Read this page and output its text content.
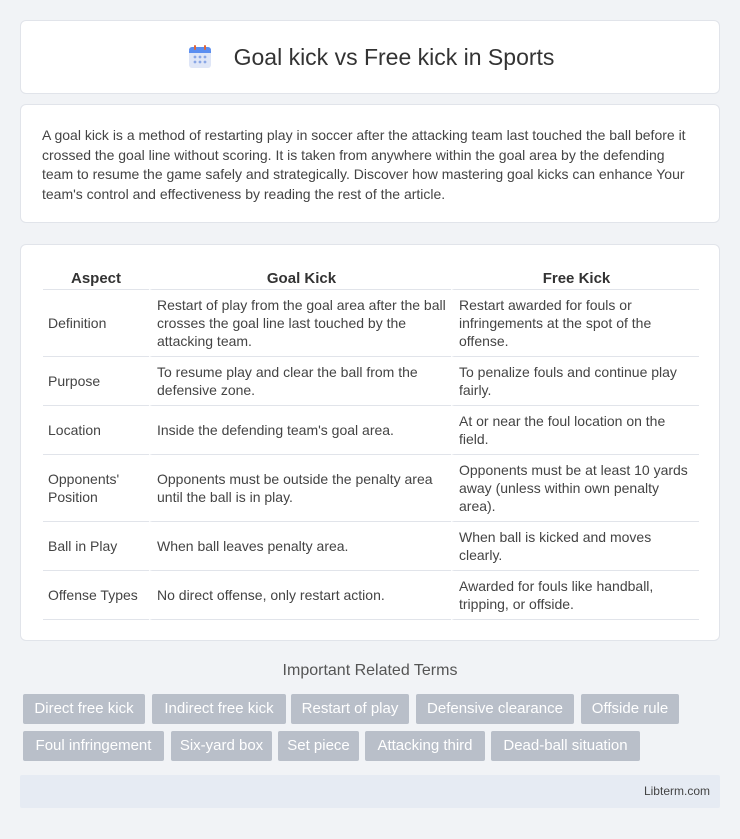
Goal kick vs Free kick in Sports

A goal kick is a method of restarting play in soccer after the attacking team last touched the ball before it crossed the goal line without scoring. It is taken from anywhere within the goal area by the defending team to resume the game safely and strategically. Discover how mastering goal kicks can enhance Your team's control and effectiveness by reading the rest of the article.

Aspect	Goal Kick	Free Kick
Definition	Restart of play from the goal area after the ball crosses the goal line last touched by the attacking team.	Restart awarded for fouls or infringements at the spot of the offense.
Purpose	To resume play and clear the ball from the defensive zone.	To penalize fouls and continue play fairly.
Location	Inside the defending team's goal area.	At or near the foul location on the field.
Opponents' Position	Opponents must be outside the penalty area until the ball is in play.	Opponents must be at least 10 yards away (unless within own penalty area).
Ball in Play	When ball leaves penalty area.	When ball is kicked and moves clearly.
Offense Types	No direct offense, only restart action.	Awarded for fouls like handball, tripping, or offside.
Important Related Terms
Direct free kick	Indirect free kick	Restart of play	Defensive clearance	Offside rule
Foul infringement	Six-yard box	Set piece	Attacking third	Dead-ball situation
Libterm.com
